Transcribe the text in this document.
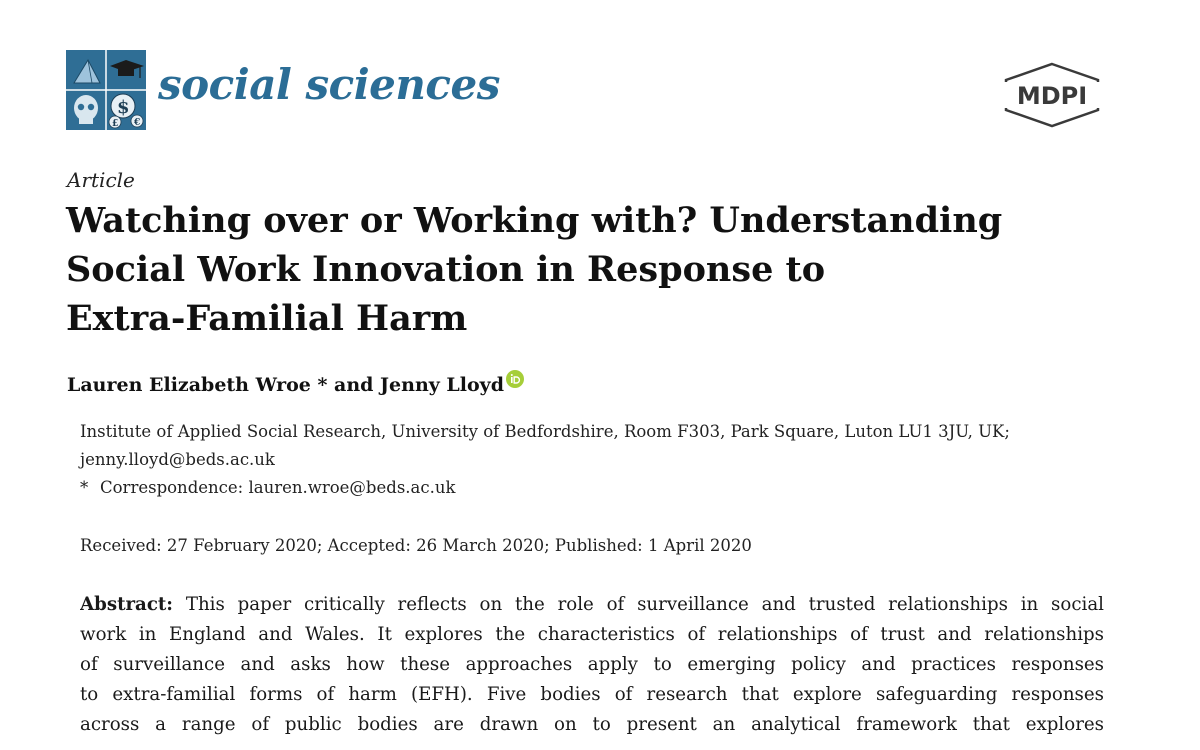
$
£ €
social sciences	MDPI
Article
Watching over or Working with? Understanding
Social Work Innovation in Response to
Extra-Familial Harm
Lauren Elizabeth Wroe * and Jenny Lloyd
Institute of Applied Social Research, University of Bedfordshire, Room F303, Park Square, Luton LU1 3JU, UK;
jenny.lloyd@beds.ac.uk
* Correspondence: lauren.wroe@beds.ac.uk
Received: 27 February 2020; Accepted: 26 March 2020; Published: 1 April 2020
Abstract: This paper critically reflects on the role of surveillance and trusted relationships in social
work in England and Wales. It explores the characteristics of relationships of trust and relationships
of surveillance and asks how these approaches apply to emerging policy and practices responses
to extra-familial forms of harm (EFH). Five bodies of research that explore safeguarding responses
across a range of public bodies are drawn on to present an analytical framework that explores
